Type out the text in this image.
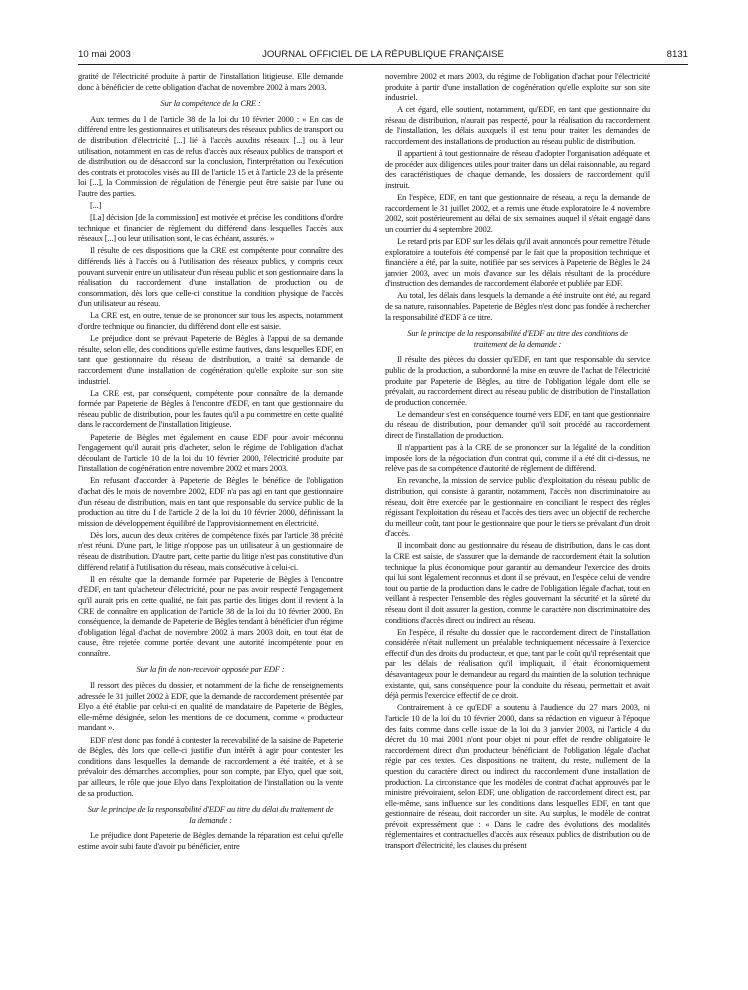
10 mai 2003	JOURNAL OFFICIEL DE LA RÉPUBLIQUE FRANÇAISE	8131

gratité de l'électricité produite à partir de l'installation litigieuse. Elle demande donc à bénéficier de cette obligation d'achat de novembre 2002 à mars 2003.

Sur la compétence de la CRE :

Aux termes du I de l'article 38 de la loi du 10 février 2000 : « En cas de différend entre les gestionnaires et utilisateurs des réseaux publics de transport ou de distribution d'électricité [...] lié à l'accès auxdits réseaux [...] ou à leur utilisation, notamment en cas de refus d'accès aux réseaux publics de transport et de distribution ou de désaccord sur la conclusion, l'interprétation ou l'exécution des contrats et protocoles visés au III de l'article 15 et à l'article 23 de la présente loi [...], la Commission de régulation de l'énergie peut être saisie par l'une ou l'autre des parties.

[...]

[La] décision [de la commission] est motivée et précise les conditions d'ordre technique et financier de règlement du différend dans lesquelles l'accès aux réseaux [...] ou leur utilisation sont, le cas échéant, assurés. »

Il résulte de ces dispositions que la CRE est compétente pour connaître des différends liés à l'accès ou à l'utilisation des réseaux publics, y compris ceux pouvant survenir entre un utilisateur d'un réseau public et son gestionnaire dans la réalisation du raccordement d'une installation de production ou de consommation, dès lors que celle-ci constitue la condition physique de l'accès d'un utilisateur au réseau.

La CRE est, en outre, tenue de se prononcer sur tous les aspects, notamment d'ordre technique ou financier, du différend dont elle est saisie.

Le préjudice dont se prévaut Papeterie de Bègles à l'appui de sa demande résulte, selon elle, des conditions qu'elle estime fautives, dans lesquelles EDF, en tant que gestionnaire du réseau de distribution, a traité sa demande de raccordement d'une installation de cogénération qu'elle exploite sur son site industriel.

La CRE est, par conséquent, compétente pour connaître de la demande formée par Papeterie de Bègles à l'encontre d'EDF, en tant que gestionnaire du réseau public de distribution, pour les fautes qu'il a pu commettre en cette qualité dans le raccordement de l'installation litigieuse.

Papeterie de Bègles met également en cause EDF pour avoir méconnu l'engagement qu'il aurait pris d'acheter, selon le régime de l'obligation d'achat découlant de l'article 10 de la loi du 10 février 2000, l'électricité produite par l'installation de cogénération entre novembre 2002 et mars 2003.

En refusant d'accorder à Papeterie de Bègles le bénéfice de l'obligation d'achat dès le mois de novembre 2002, EDF n'a pas agi en tant que gestionnaire d'un réseau de distribution, mais en tant que responsable du service public de la production au titre du I de l'article 2 de la loi du 10 février 2000, définissant la mission de développement équilibré de l'approvisionnement en électricité.

Dès lors, aucun des deux critères de compétence fixés par l'article 38 précité n'est réuni. D'une part, le litige n'oppose pas un utilisateur à un gestionnaire de réseau de distribution. D'autre part, cette partie du litige n'est pas constitutive d'un différend relatif à l'utilisation du réseau, mais consécutive à celui-ci.

Il en résulte que la demande formée par Papeterie de Bègles à l'encontre d'EDF, en tant qu'acheteur d'électricité, pour ne pas avoir respecté l'engagement qu'il aurait pris en cette qualité, ne fait pas partie des litiges dont il revient à la CRE de connaître en application de l'article 38 de la loi du 10 février 2000. En conséquence, la demande de Papeterie de Bègles tendant à bénéficier d'un régime d'obligation légal d'achat de novembre 2002 à mars 2003 doit, en tout état de cause, être rejetée comme portée devant une autorité incompétente pour en connaître.

Sur la fin de non-recevoir opposée par EDF :

Il ressort des pièces du dossier, et notamment de la fiche de renseignements adressée le 31 juillet 2002 à EDF, que la demande de raccordement présentée par Elyo a été établie par celui-ci en qualité de mandataire de Papeterie de Bègles, elle-même désignée, selon les mentions de ce document, comme « producteur mandant ».

EDF n'est donc pas fondé à contester la recevabilité de la saisine de Papeterie de Bègles, dès lors que celle-ci justifie d'un intérêt à agir pour contester les conditions dans lesquelles la demande de raccordement a été traitée, et à se prévaloir des démarches accomplies, pour son compte, par Elyo, quel que soit, par ailleurs, le rôle que joue Elyo dans l'exploitation de l'installation ou la vente de sa production.

Sur le principe de la responsabilité d'EDF au titre du délai du traitement de la demande :

Le préjudice dont Papeterie de Bègles demande la réparation est celui qu'elle estime avoir subi faute d'avoir pu bénéficier, entre

novembre 2002 et mars 2003, du régime de l'obligation d'achat pour l'électricité produite à partir d'une installation de cogénération qu'elle exploite sur son site industriel.

A cet égard, elle soutient, notamment, qu'EDF, en tant que gestionnaire du réseau de distribution, n'aurait pas respecté, pour la réalisation du raccordement de l'installation, les délais auxquels il est tenu pour traiter les demandes de raccordement des installations de production au réseau public de distribution.

Il appartient à tout gestionnaire de réseau d'adopter l'organisation adéquate et de procéder aux diligences utiles pour traiter dans un délai raisonnable, au regard des caractéristiques de chaque demande, les dossiers de raccordement qu'il instruit.

En l'espèce, EDF, en tant que gestionnaire de réseau, a reçu la demande de raccordement le 31 juillet 2002, et a remis une étude exploratoire le 4 novembre 2002, soit postérieurement au délai de six semaines auquel il s'était engagé dans un courrier du 4 septembre 2002.

Le retard pris par EDF sur les délais qu'il avait annoncés pour remettre l'étude exploratoire a toutefois été compensé par le fait que la proposition technique et financière a été, par la suite, notifiée par ses services à Papeterie de Bègles le 24 janvier 2003, avec un mois d'avance sur les délais résultant de la procédure d'instruction des demandes de raccordement élaborée et publiée par EDF.

Au total, les délais dans lesquels la demande a été instruite ont été, au regard de sa nature, raisonnables. Papeterie de Bègles n'est donc pas fondée à rechercher la responsabilité d'EDF à ce titre.

Sur le principe de la responsabilité d'EDF au titre des conditions de traitement de la demande :

Il résulte des pièces du dossier qu'EDF, en tant que responsable du service public de la production, a subordonné la mise en œuvre de l'achat de l'électricité produite par Papeterie de Bègles, au titre de l'obligation légale dont elle se prévalait, au raccordement direct au réseau public de distribution de l'installation de production concernée.

Le demandeur s'est en conséquence tourné vers EDF, en tant que gestionnaire du réseau de distribution, pour demander qu'il soit procédé au raccordement direct de l'installation de production.

Il n'appartient pas à la CRE de se prononcer sur la légalité de la condition imposée lors de la négociation d'un contrat qui, comme il a été dit ci-dessus, ne relève pas de sa compétence d'autorité de règlement de différend.

En revanche, la mission de service public d'exploitation du réseau public de distribution, qui consiste à garantir, notamment, l'accès non discriminatoire au réseau, doit être exercée par le gestionnaire en conciliant le respect des règles régissant l'exploitation du réseau et l'accès des tiers avec un objectif de recherche du meilleur coût, tant pour le gestionnaire que pour le tiers se prévalant d'un droit d'accès.

Il incombait donc au gestionnaire du réseau de distribution, dans le cas dont la CRE est saisie, de s'assurer que la demande de raccordement était la solution technique la plus économique pour garantir au demandeur l'exercice des droits qui lui sont légalement reconnus et dont il se prévaut, en l'espèce celui de vendre tout ou partie de la production dans le cadre de l'obligation légale d'achat, tout en veillant à respecter l'ensemble des règles gouvernant la sécurité et la sûreté du réseau dont il doit assurer la gestion, comme le caractère non discriminatoire des conditions d'accès direct ou indirect au réseau.

En l'espèce, il résulte du dossier que le raccordement direct de l'installation considérée n'était nullement un préalable techniquement nécessaire à l'exercice effectif d'un des droits du producteur, et que, tant par le coût qu'il représentait que par les délais de réalisation qu'il impliquait, il était économiquement désavantageux pour le demandeur au regard du maintien de la solution technique existante, qui, sans conséquence pour la conduite du réseau, permettait et avait déjà permis l'exercice effectif de ce droit.

Contrairement à ce qu'EDF a soutenu à l'audience du 27 mars 2003, ni l'article 10 de la loi du 10 février 2000, dans sa rédaction en vigueur à l'époque des faits comme dans celle issue de la loi du 3 janvier 2003, ni l'article 4 du décret du 10 mai 2001 n'ont pour objet ni pour effet de rendre obligatoire le raccordement direct d'un producteur bénéficiant de l'obligation légale d'achat régie par ces textes. Ces dispositions ne traitent, du reste, nullement de la question du caractère direct ou indirect du raccordement d'une installation de production. La circonstance que les modèles de contrat d'achat approuvés par le ministre prévoiraient, selon EDF, une obligation de raccordement direct est, par elle-même, sans influence sur les conditions dans lesquelles EDF, en tant que gestionnaire de réseau, doit raccorder un site. Au surplus, le modèle de contrat prévoit expressément que : « Dans le cadre des évolutions des modalités réglementaires et contractuelles d'accès aux réseaux publics de distribution ou de transport d'électricité, les clauses du présent
